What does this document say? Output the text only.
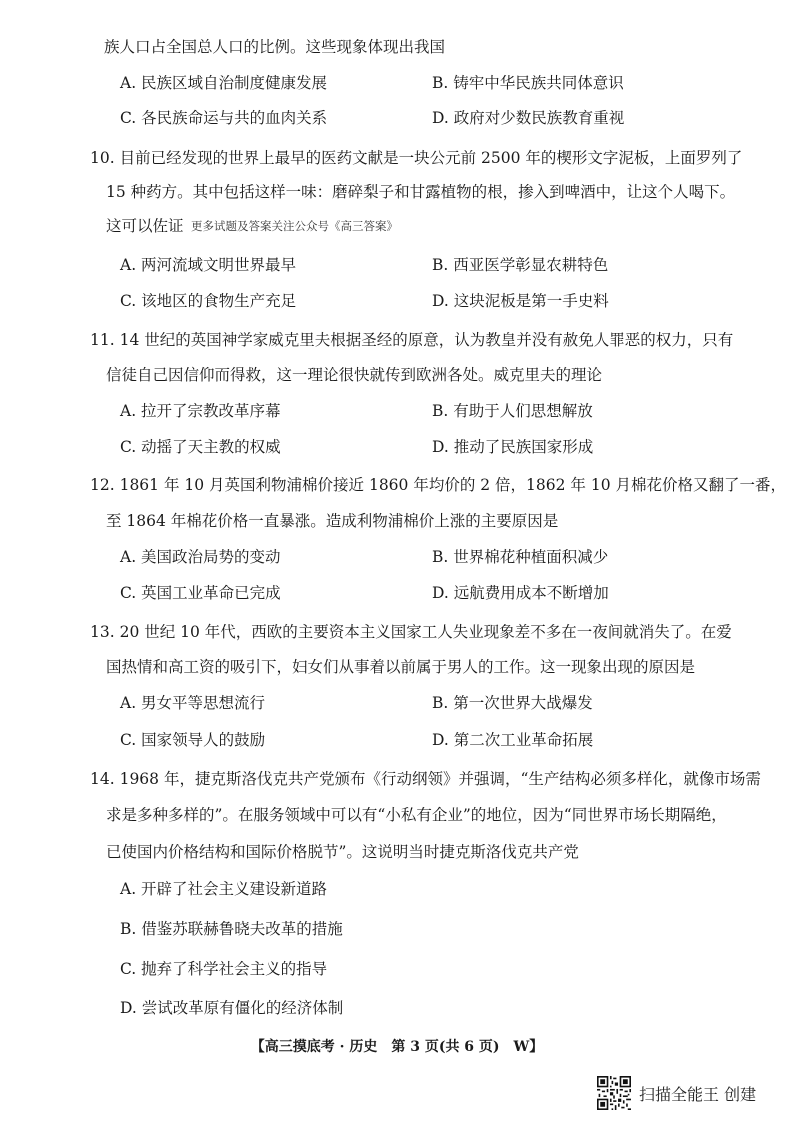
族人口占全国总人口的比例。这些现象体现出我国
A. 民族区域自治制度健康发展	B. 铸牢中华民族共同体意识
C. 各民族命运与共的血肉关系	D. 政府对少数民族教育重视
10. 目前已经发现的世界上最早的医药文献是一块公元前 2500 年的楔形文字泥板，上面罗列了
15 种药方。其中包括这样一味：磨碎梨子和甘露植物的根，掺入到啤酒中，让这个人喝下。
这可以佐证 更多试题及答案关注公众号《高三答案》
A. 两河流域文明世界最早	B. 西亚医学彰显农耕特色
C. 该地区的食物生产充足	D. 这块泥板是第一手史料
11. 14 世纪的英国神学家威克里夫根据圣经的原意，认为教皇并没有赦免人罪恶的权力，只有
信徒自己因信仰而得救，这一理论很快就传到欧洲各处。威克里夫的理论
A. 拉开了宗教改革序幕	B. 有助于人们思想解放
C. 动摇了天主教的权威	D. 推动了民族国家形成
12. 1861 年 10 月英国利物浦棉价接近 1860 年均价的 2 倍，1862 年 10 月棉花价格又翻了一番，
至 1864 年棉花价格一直暴涨。造成利物浦棉价上涨的主要原因是
A. 美国政治局势的变动	B. 世界棉花种植面积减少
C. 英国工业革命已完成	D. 远航费用成本不断增加
13. 20 世纪 10 年代，西欧的主要资本主义国家工人失业现象差不多在一夜间就消失了。在爱
国热情和高工资的吸引下，妇女们从事着以前属于男人的工作。这一现象出现的原因是
A. 男女平等思想流行	B. 第一次世界大战爆发
C. 国家领导人的鼓励	D. 第二次工业革命拓展
14. 1968 年，捷克斯洛伐克共产党颁布《行动纲领》并强调，“生产结构必须多样化，就像市场需
求是多种多样的”。在服务领域中可以有“小私有企业”的地位，因为“同世界市场长期隔绝，
已使国内价格结构和国际价格脱节”。这说明当时捷克斯洛伐克共产党
A. 开辟了社会主义建设新道路
B. 借鉴苏联赫鲁晓夫改革的措施
C. 抛弃了科学社会主义的指导
D. 尝试改革原有僵化的经济体制
【高三摸底考 · 历史　第 3 页(共 6 页)　W】
扫描全能王 创建
